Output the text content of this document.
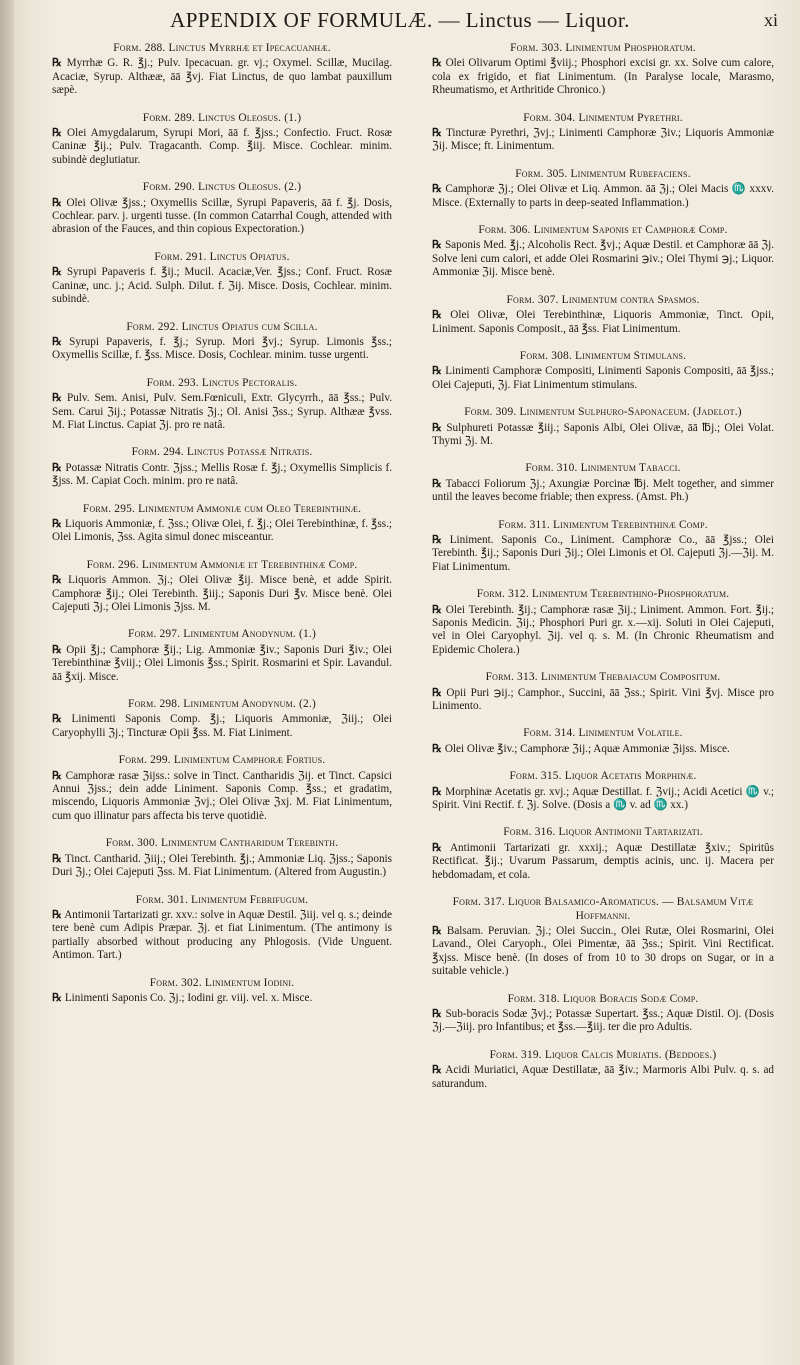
APPENDIX OF FORMULÆ. — Linctus — Liquor.	xi
Form. 288. Linctus Myrrhæ et Ipecacuanhæ.
℞ Myrrhæ G. R. ℥j.; Pulv. Ipecacuan. gr. vj.; Oxymel. Scillæ, Mucilag. Acaciæ, Syrup. Althææ, āā ℥vj. Fiat Linctus, de quo lambat pauxillum sæpè.
Form. 289. Linctus Oleosus. (1.)
℞ Olei Amygdalarum, Syrupi Mori, āā f. ℥jss.; Confectio. Fruct. Rosæ Caninæ ℥ij.; Pulv. Tragacanth. Comp. ℥iij. Misce. Cochlear. minim. subindè deglutiatur.
Form. 290. Linctus Oleosus. (2.)
℞ Olei Olivæ ℥jss.; Oxymellis Scillæ, Syrupi Papaveris, āā f. ℥j. Dosis, Cochlear. parv. j. urgenti tusse. (In common Catarrhal Cough, attended with abrasion of the Fauces, and thin copious Expectoration.)
Form. 291. Linctus Opiatus.
℞ Syrupi Papaveris f. ℥ij.; Mucil. Acaciæ,Ver. ℥jss.; Conf. Fruct. Rosæ Caninæ, unc. j.; Acid. Sulph. Dilut. f. ℨij. Misce. Dosis, Cochlear. minim. subindè.
Form. 292. Linctus Opiatus cum Scilla.
℞ Syrupi Papaveris, f. ℥j.; Syrup. Mori ℥vj.; Syrup. Limonis ℥ss.; Oxymellis Scillæ, f. ℥ss. Misce. Dosis, Cochlear. minim. tusse urgenti.
Form. 293. Linctus Pectoralis.
℞ Pulv. Sem. Anisi, Pulv. Sem.Fœniculi, Extr. Glycyrrh., āā ℥ss.; Pulv. Sem. Carui ℨij.; Potassæ Nitratis ℨj.; Ol. Anisi ℨss.; Syrup. Althææ ℥vss. M. Fiat Linctus. Capiat ℨj. pro re natâ.
Form. 294. Linctus Potassæ Nitratis.
℞ Potassæ Nitratis Contr. ℨjss.; Mellis Rosæ f. ℥j.; Oxymellis Simplicis f. ℥jss. M. Capiat Coch. minim. pro re natâ.
Form. 295. Linimentum Ammoniæ cum Oleo Terebinthinæ.
℞ Liquoris Ammoniæ, f. ℨss.; Olivæ Olei, f. ℥j.; Olei Terebinthinæ, f. ℥ss.; Olei Limonis, ℨss. Agita simul donec misceantur.
Form. 296. Linimentum Ammoniæ et Terebinthinæ Comp.
℞ Liquoris Ammon. ℨj.; Olei Olivæ ℥ij. Misce benè, et adde Spirit. Camphoræ ℥ij.; Olei Terebinth. ℥iij.; Saponis Duri ℥v. Misce benè. Olei Cajeputi ℨj.; Olei Limonis ℨjss. M.
Form. 297. Linimentum Anodynum. (1.)
℞ Opii ℥j.; Camphoræ ℥ij.; Lig. Ammoniæ ℥iv.; Saponis Duri ℥iv.; Olei Terebinthinæ ℥viij.; Olei Limonis ℥ss.; Spirit. Rosmarini et Spir. Lavandul. āā ℥xij. Misce.
Form. 298. Linimentum Anodynum. (2.)
℞ Linimenti Saponis Comp. ℥j.; Liquoris Ammoniæ, ℨiij.; Olei Caryophylli ℨj.; Tincturæ Opii ℥ss. M. Fiat Liniment.
Form. 299. Linimentum Camphoræ Fortius.
℞ Camphoræ rasæ ℨijss.: solve in Tinct. Cantharidis ℨij. et Tinct. Capsici Annui ℨjss.; dein adde Liniment. Saponis Comp. ℥ss.; et gradatim, miscendo, Liquoris Ammoniæ ℨvj.; Olei Olivæ ℨxj. M. Fiat Linimentum, cum quo illinatur pars affecta bis terve quotidiè.
Form. 300. Linimentum Cantharidum Terebinth.
℞ Tinct. Cantharid. ℨiij.; Olei Terebinth. ℥j.; Ammoniæ Liq. ℨjss.; Saponis Duri ℨj.; Olei Cajeputi ℨss. M. Fiat Linimentum. (Altered from Augustin.)
Form. 301. Linimentum Febrifugum.
℞ Antimonii Tartarizati gr. xxv.: solve in Aquæ Destil. ℨiij. vel q. s.; deinde tere benè cum Adipis Præpar. ℨj. et fiat Linimentum. (The antimony is partially absorbed without producing any Phlogosis. (Vide Unguent. Antimon. Tart.)
Form. 302. Linimentum Iodini.
℞ Linimenti Saponis Co. ℨj.; Iodini gr. viij. vel. x. Misce.
Form. 303. Linimentum Phosphoratum.
℞ Olei Olivarum Optimi ℥viij.; Phosphori excisi gr. xx. Solve cum calore, cola ex frigido, et fiat Linimentum. (In Paralyse locale, Marasmo, Rheumatismo, et Arthritide Chronico.)
Form. 304. Linimentum Pyrethri.
℞ Tincturæ Pyrethri, ℨvj.; Linimenti Camphoræ ℨiv.; Liquoris Ammoniæ ℨij. Misce; ft. Linimentum.
Form. 305. Linimentum Rubefaciens.
℞ Camphoræ ℨj.; Olei Olivæ et Liq. Ammon. āā ℨj.; Olei Macis ♏ xxxv. Misce. (Externally to parts in deep-seated Inflammation.)
Form. 306. Linimentum Saponis et Camphoræ Comp.
℞ Saponis Med. ℥j.; Alcoholis Rect. ℥vj.; Aquæ Destil. et Camphoræ āā ℨj. Solve leni cum calori, et adde Olei Rosmarini ℈iv.; Olei Thymi ℈j.; Liquor. Ammoniæ ℨij. Misce benè.
Form. 307. Linimentum contra Spasmos.
℞ Olei Olivæ, Olei Terebinthinæ, Liquoris Ammoniæ, Tinct. Opii, Liniment. Saponis Composit., āā ℥ss. Fiat Linimentum.
Form. 308. Linimentum Stimulans.
℞ Linimenti Camphoræ Compositi, Linimenti Saponis Compositi, āā ℥jss.; Olei Cajeputi, ℨj. Fiat Linimentum stimulans.
Form. 309. Linimentum Sulphuro-Saponaceum. (Jadelot.)
℞ Sulphureti Potassæ ℥iij.; Saponis Albi, Olei Olivæ, āā ℔j.; Olei Volat. Thymi ℨj. M.
Form. 310. Linimentum Tabacci.
℞ Tabacci Foliorum ℨj.; Axungiæ Porcinæ ℔j. Melt together, and simmer until the leaves become friable; then express. (Amst. Ph.)
Form. 311. Linimentum Terebinthinæ Comp.
℞ Liniment. Saponis Co., Liniment. Camphoræ Co., āā ℥jss.; Olei Terebinth. ℥ij.; Saponis Duri ℨij.; Olei Limonis et Ol. Cajeputi ℨj.—ℨij. M. Fiat Linimentum.
Form. 312. Linimentum Terebinthino-Phosphoratum.
℞ Olei Terebinth. ℥ij.; Camphoræ rasæ ℨij.; Liniment. Ammon. Fort. ℥ij.; Saponis Medicin. ℨij.; Phosphori Puri gr. x.—xij. Soluti in Olei Cajeputi, vel in Olei Caryophyl. ℨij. vel q. s. M. (In Chronic Rheumatism and Epidemic Cholera.)
Form. 313. Linimentum Thebaiacum Compositum.
℞ Opii Puri ℈ij.; Camphor., Succini, āā ℨss.; Spirit. Vini ℥vj. Misce pro Linimento.
Form. 314. Linimentum Volatile.
℞ Olei Olivæ ℥iv.; Camphoræ ℨij.; Aquæ Ammoniæ ℨijss. Misce.
Form. 315. Liquor Acetatis Morphinæ.
℞ Morphinæ Acetatis gr. xvj.; Aquæ Destillat. f. ℨvij.; Acidi Acetici ♏ v.; Spirit. Vini Rectif. f. ℨj. Solve. (Dosis a ♏ v. ad ♏ xx.)
Form. 316. Liquor Antimonii Tartarizati.
℞ Antimonii Tartarizati gr. xxxij.; Aquæ Destillatæ ℥xiv.; Spiritûs Rectificat. ℥ij.; Uvarum Passarum, demptis acinis, unc. ij. Macera per hebdomadam, et cola.
Form. 317. Liquor Balsamico-Aromaticus. — Balsamum Vitæ Hoffmanni.
℞ Balsam. Peruvian. ℨj.; Olei Succin., Olei Rutæ, Olei Rosmarini, Olei Lavand., Olei Caryoph., Olei Pimentæ, āā ℨss.; Spirit. Vini Rectificat. ℥xjss. Misce benè. (In doses of from 10 to 30 drops on Sugar, or in a suitable vehicle.)
Form. 318. Liquor Boracis Sodæ Comp.
℞ Sub-boracis Sodæ ℨvj.; Potassæ Supertart. ℥ss.; Aquæ Distil. Oj. (Dosis ℨj.—ℨiij. pro Infantibus; et ℥ss.—℥iij. ter die pro Adultis.
Form. 319. Liquor Calcis Muriatis. (Beddoes.)
℞ Acidi Muriatici, Aquæ Destillatæ, āā ℥iv.; Marmoris Albi Pulv. q. s. ad saturandum.
